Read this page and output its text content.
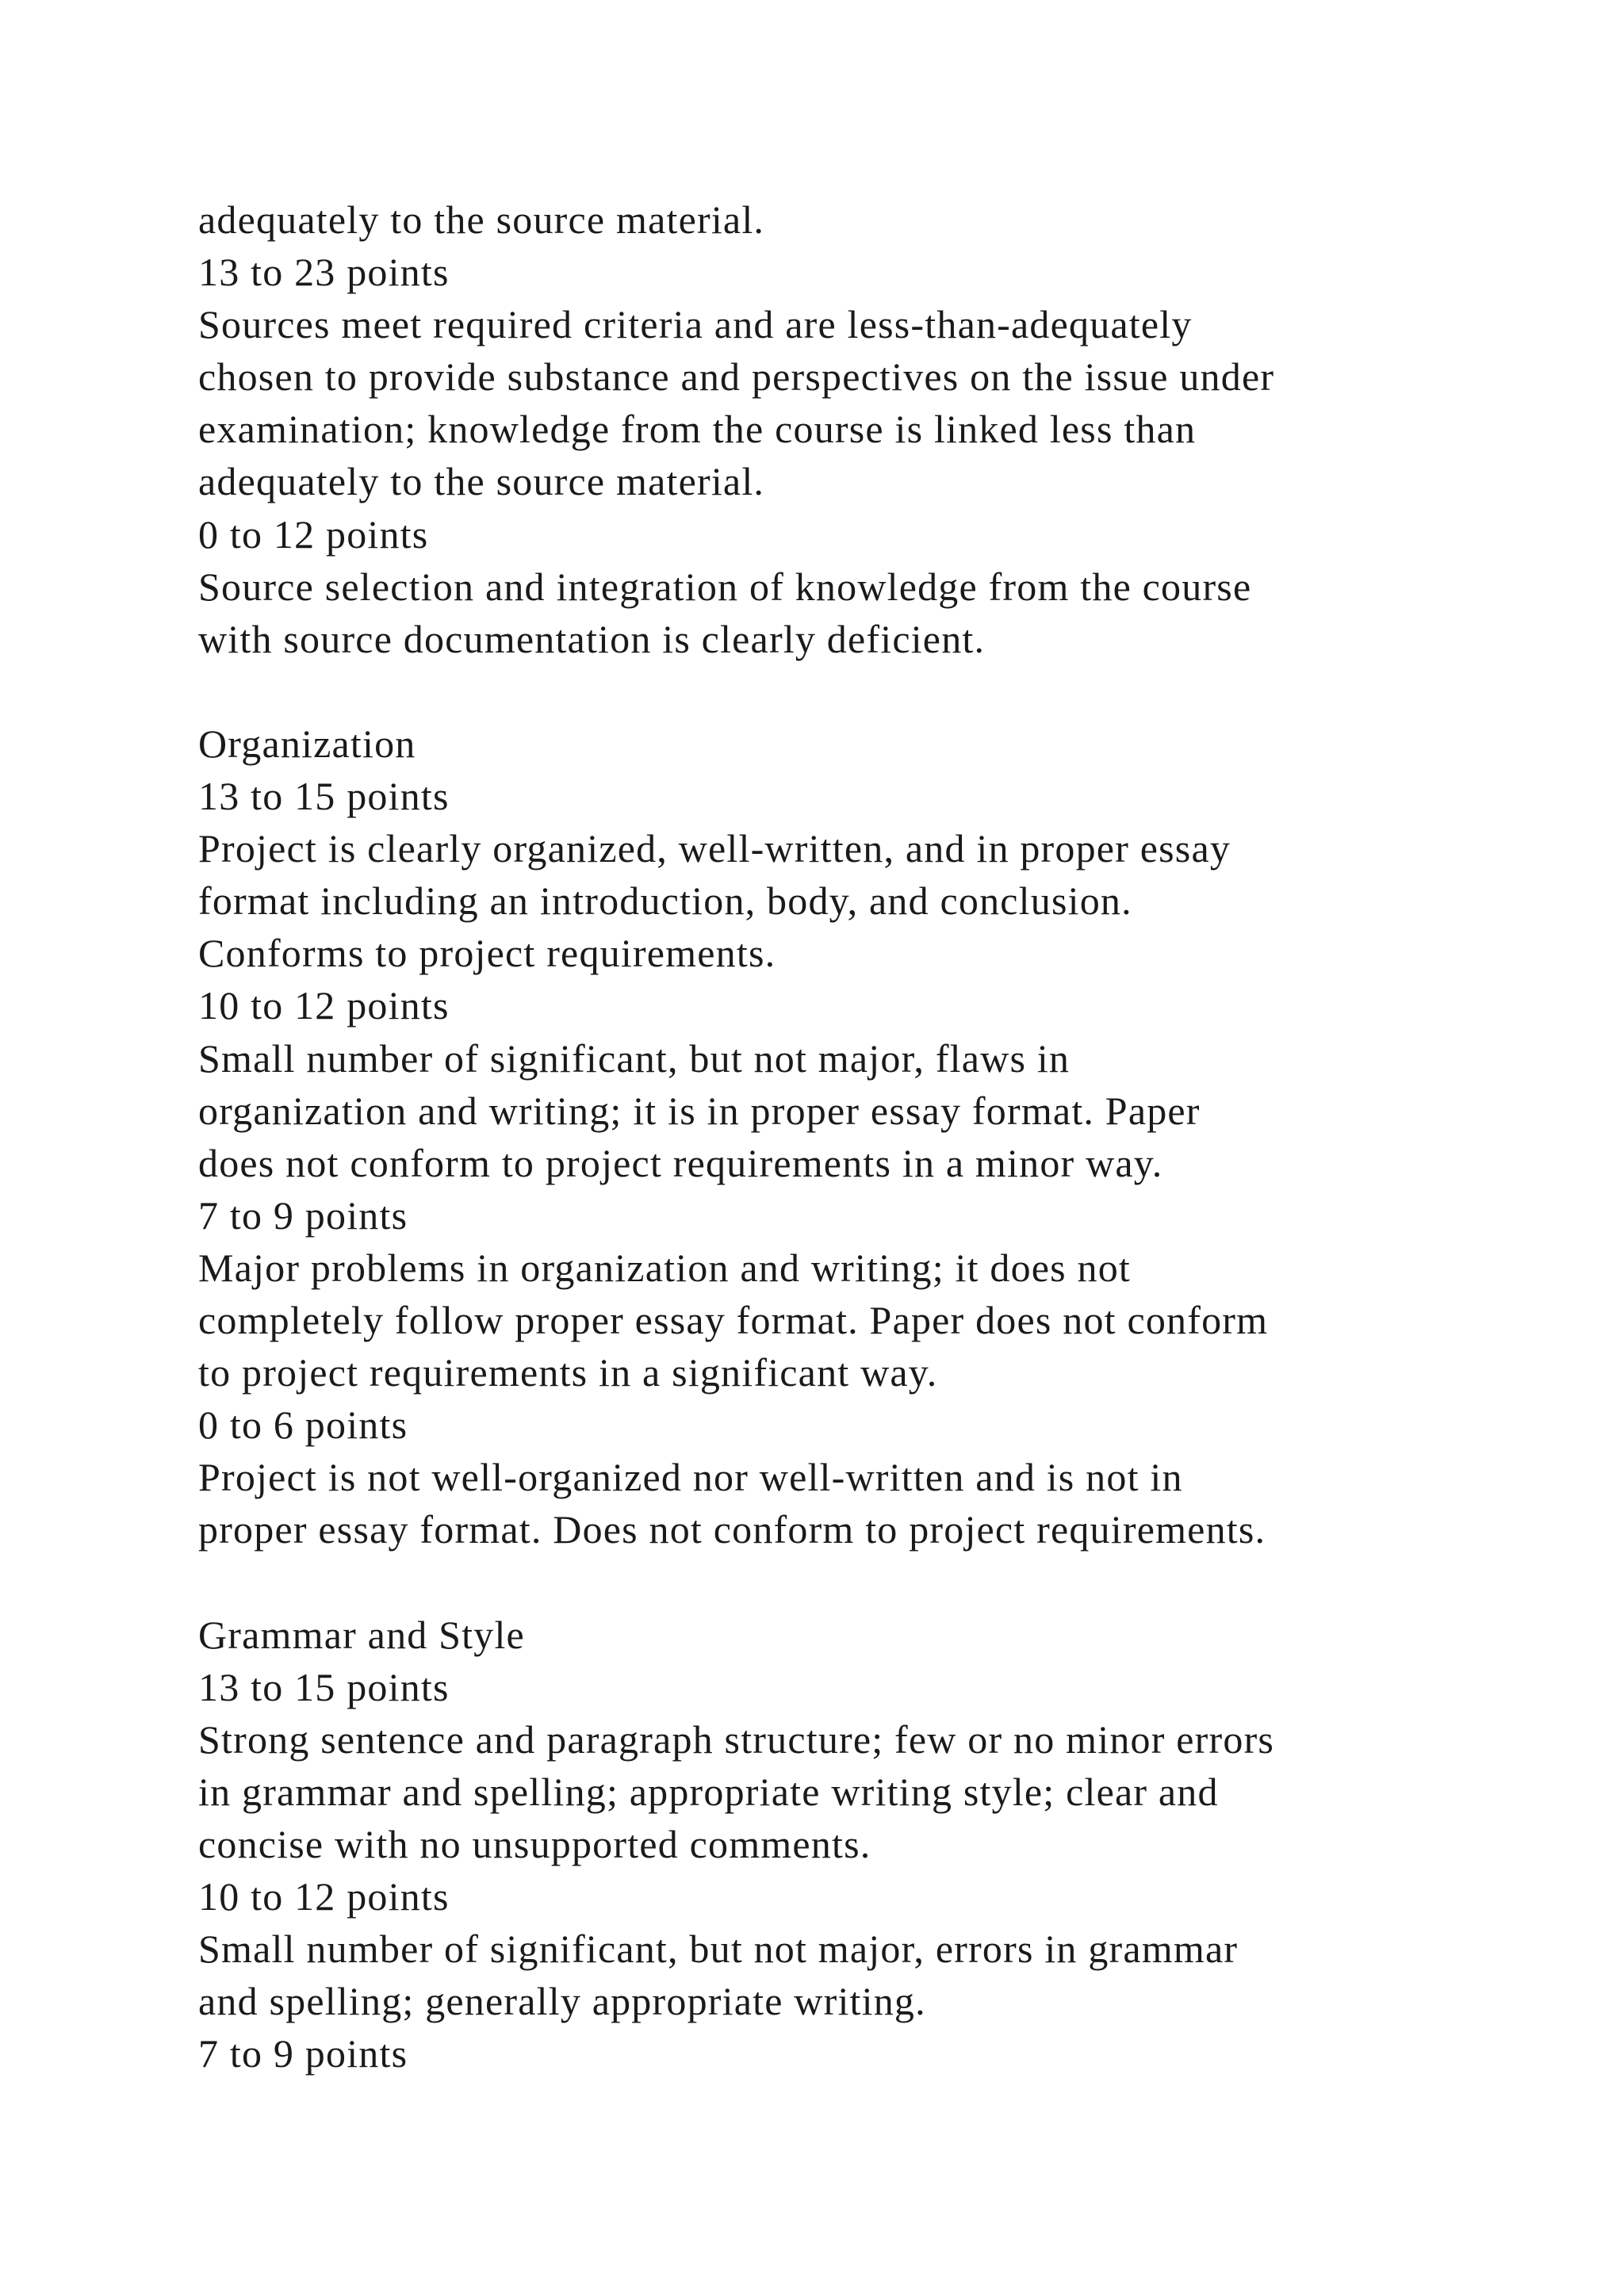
adequately to the source material.
13 to 23 points
Sources meet required criteria and are less-than-adequately
chosen to provide substance and perspectives on the issue under
examination; knowledge from the course is linked less than
adequately to the source material.
0 to 12 points
Source selection and integration of knowledge from the course
with source documentation is clearly deficient.
Organization
13 to 15 points
Project is clearly organized, well-written, and in proper essay
format including an introduction, body, and conclusion.
Conforms to project requirements.
10 to 12 points
Small number of significant, but not major, flaws in
organization and writing; it is in proper essay format. Paper
does not conform to project requirements in a minor way.
7 to 9 points
Major problems in organization and writing; it does not
completely follow proper essay format. Paper does not conform
to project requirements in a significant way.
0 to 6 points
Project is not well-organized nor well-written and is not in
proper essay format. Does not conform to project requirements.
Grammar and Style
13 to 15 points
Strong sentence and paragraph structure; few or no minor errors
in grammar and spelling; appropriate writing style; clear and
concise with no unsupported comments.
10 to 12 points
Small number of significant, but not major, errors in grammar
and spelling; generally appropriate writing.
7 to 9 points
